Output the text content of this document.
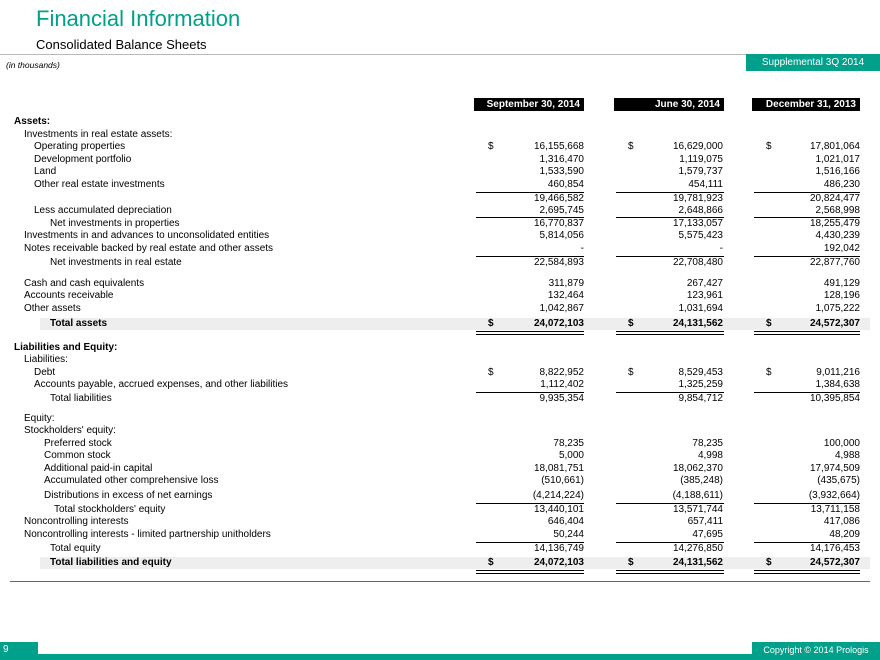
Financial Information
Consolidated Balance Sheets
(in thousands)	Supplemental 3Q 2014
September 30, 2014	June 30, 2014	December 31, 2013
Assets:
Investments in real estate assets:
Operating properties	$	16,155,668	$	16,629,000	$	17,801,064
Development portfolio	1,316,470	1,119,075	1,021,017
Land	1,533,590	1,579,737	1,516,166
Other real estate investments	460,854	454,111	486,230
19,466,582	19,781,923	20,824,477
Less accumulated depreciation	2,695,745	2,648,866	2,568,998
Net investments in properties	16,770,837	17,133,057	18,255,479
Investments in and advances to unconsolidated entities	5,814,056	5,575,423	4,430,239
Notes receivable backed by real estate and other assets	-	-	192,042
Net investments in real estate	22,584,893	22,708,480	22,877,760
Cash and cash equivalents	311,879	267,427	491,129
Accounts receivable	132,464	123,961	128,196
Other assets	1,042,867	1,031,694	1,075,222
Total assets	$	24,072,103	$	24,131,562	$	24,572,307
Liabilities and Equity:
Liabilities:
Debt	$	8,822,952	$	8,529,453	$	9,011,216
Accounts payable, accrued expenses, and other liabilities	1,112,402	1,325,259	1,384,638
Total liabilities	9,935,354	9,854,712	10,395,854
Equity:
Stockholders' equity:
Preferred stock	78,235	78,235	100,000
Common stock	5,000	4,998	4,988
Additional paid-in capital	18,081,751	18,062,370	17,974,509
Accumulated other comprehensive loss	(510,661)	(385,248)	(435,675)
Distributions in excess of net earnings	(4,214,224)	(4,188,611)	(3,932,664)
Total stockholders' equity	13,440,101	13,571,744	13,711,158
Noncontrolling interests	646,404	657,411	417,086
Noncontrolling interests - limited partnership unitholders	50,244	47,695	48,209
Total equity	14,136,749	14,276,850	14,176,453
Total liabilities and equity	$	24,072,103	$	24,131,562	$	24,572,307
9	Copyright © 2014 Prologis
